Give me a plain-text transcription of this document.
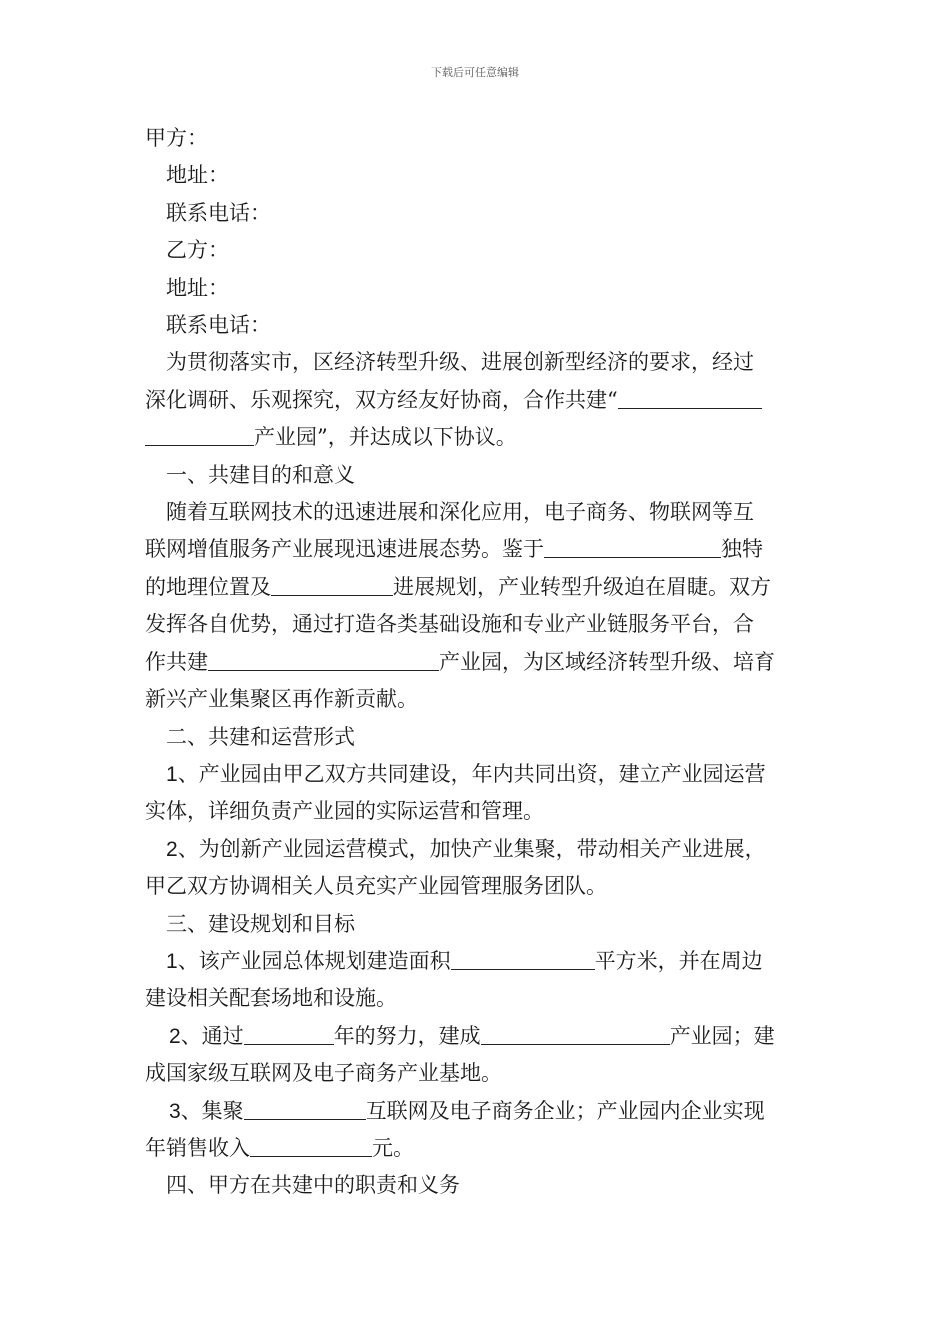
下载后可任意编辑

甲方：

地址：

联系电话：

乙方：

地址：

联系电话：

为贯彻落实市，区经济转型升级、进展创新型经济的要求，经过

深化调研、乐观探究，双方经友好协商，合作共建“

产业园”，并达成以下协议。

一、共建目的和意义

随着互联网技术的迅速进展和深化应用，电子商务、物联网等互

联网增值服务产业展现迅速进展态势。鉴于	独特

的地理位置及	进展规划，产业转型升级迫在眉睫。双方

发挥各自优势，通过打造各类基础设施和专业产业链服务平台，合

作共建	产业园，为区域经济转型升级、培育

新兴产业集聚区再作新贡献。

二、共建和运营形式

1、产业园由甲乙双方共同建设，年内共同出资，建立产业园运营

实体，详细负责产业园的实际运营和管理。

2、为创新产业园运营模式，加快产业集聚，带动相关产业进展，

甲乙双方协调相关人员充实产业园管理服务团队。

三、建设规划和目标

1、该产业园总体规划建造面积	平方米，并在周边

建设相关配套场地和设施。

2、通过	年的努力，建成	产业园；建

成国家级互联网及电子商务产业基地。

3、集聚	互联网及电子商务企业；产业园内企业实现

年销售收入	元。

四、甲方在共建中的职责和义务
